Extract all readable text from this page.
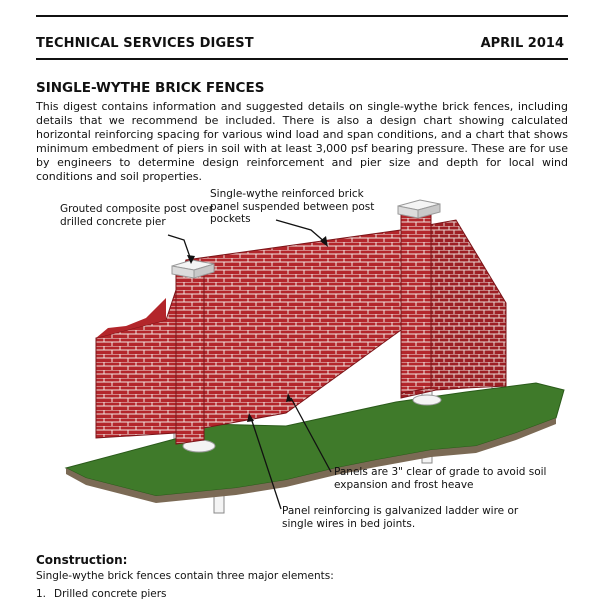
TECHNICAL SERVICES DIGEST	APRIL 2014
SINGLE-WYTHE BRICK FENCES
This digest contains information and suggested details on single-wythe brick fences, including details that we recommend be included. There is also a design chart showing calculated horizontal reinforcing spacing for various wind load and span conditions, and a chart that shows minimum embedment of piers in soil with at least 3,000 psf bearing pressure. These are for use by engineers to determine design reinforcement and pier size and depth for local wind conditions and soil properties.
Grouted composite post over drilled concrete pier
Single-wythe reinforced brick panel suspended between post pockets
Panels are 3" clear of grade to avoid soil expansion and frost heave
Panel reinforcing is galvanized ladder wire or single wires in bed joints.
Construction:
Single-wythe brick fences contain three major elements:
1. Drilled concrete piers
